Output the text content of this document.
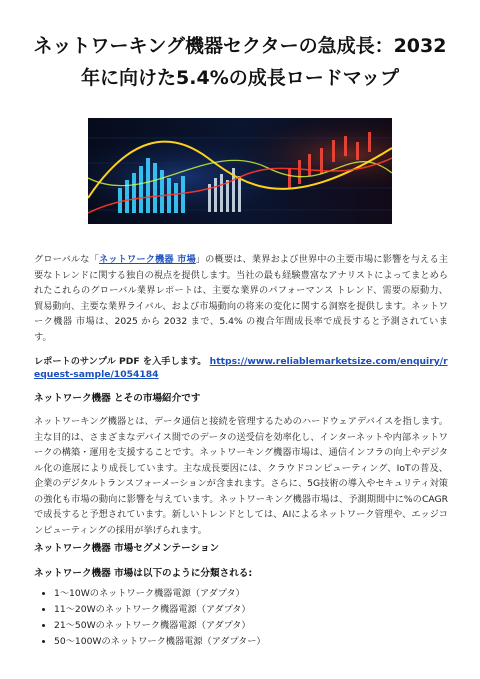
ネットワーキング機器セクターの急成長：2032年に向けた5.4%の成長ロードマップ

グローバルな「ネットワーク機器 市場」の概要は、業界および世界中の主要市場に影響を与える主要なトレンドに関する独自の視点を提供します。当社の最も経験豊富なアナリストによってまとめられたこれらのグローバル業界レポートは、主要な業界のパフォーマンス トレンド、需要の原動力、貿易動向、主要な業界ライバル、および市場動向の将来の変化に関する洞察を提供します。ネットワーク機器 市場は、2025 から 2032 まで、5.4% の複合年間成長率で成長すると予測されています。

レポートのサンプル PDF を入手します。 https://www.reliablemarketsize.com/enquiry/request-sample/1054184
ネットワーク機器 とその市場紹介です

ネットワーキング機器とは、データ通信と接続を管理するためのハードウェアデバイスを指します。主な目的は、さまざまなデバイス間でのデータの送受信を効率化し、インターネットや内部ネットワークの構築・運用を支援することです。ネットワーキング機器市場は、通信インフラの向上やデジタル化の進展により成長しています。主な成長要因には、クラウドコンピューティング、IoTの普及、企業のデジタルトランスフォーメーションが含まれます。さらに、5G技術の導入やセキュリティ対策の強化も市場の動向に影響を与えています。ネットワーキング機器市場は、予測期間中に%のCAGRで成長すると予想されています。新しいトレンドとしては、AIによるネットワーク管理や、エッジコンピューティングの採用が挙げられます。

ネットワーク機器 市場セグメンテーション
ネットワーク機器 市場は以下のように分類される:
• 1〜10Wのネットワーク機器電源（アダプタ）
• 11〜20Wのネットワーク機器電源（アダプタ）
• 21〜50Wのネットワーク機器電源（アダプタ）
• 50〜100Wのネットワーク機器電源（アダプター）
